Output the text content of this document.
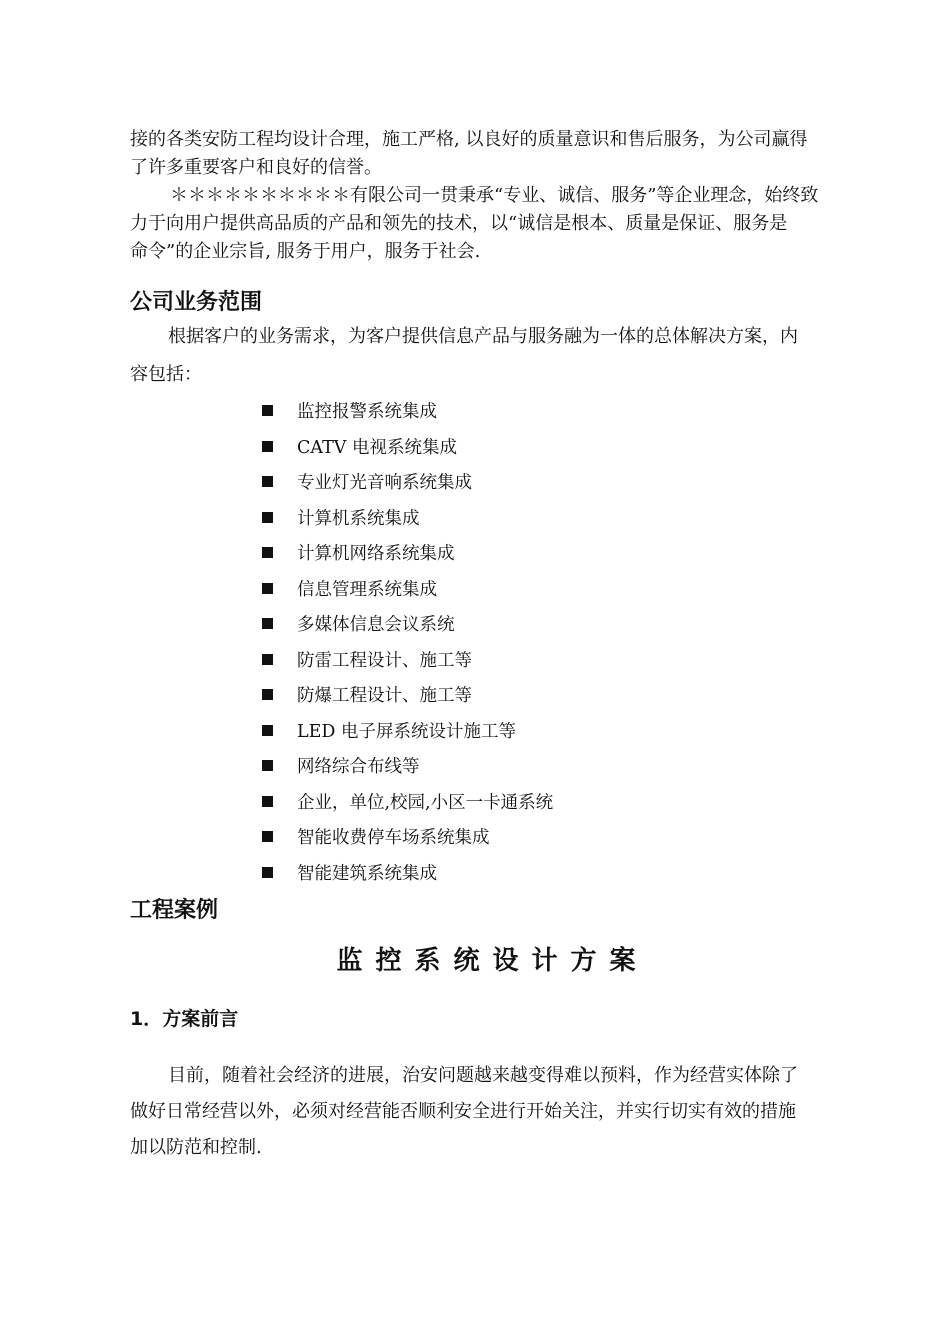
接的各类安防工程均设计合理，施工严格, 以良好的质量意识和售后服务，为公司赢得
了许多重要客户和良好的信誉。
＊＊＊＊＊＊＊＊＊＊有限公司一贯秉承“专业、诚信、服务”等企业理念，始终致
力于向用户提供高品质的产品和领先的技术，以“诚信是根本、质量是保证、服务是
命令”的企业宗旨, 服务于用户，服务于社会.
公司业务范围
根据客户的业务需求，为客户提供信息产品与服务融为一体的总体解决方案，内
容包括：
监控报警系统集成
CATV 电视系统集成
专业灯光音响系统集成
计算机系统集成
计算机网络系统集成
信息管理系统集成
多媒体信息会议系统
防雷工程设计、施工等
防爆工程设计、施工等
LED 电子屏系统设计施工等
网络综合布线等
企业，单位,校园,小区一卡通系统
智能收费停车场系统集成
智能建筑系统集成
工程案例
监控系统设计方案
1．方案前言
目前，随着社会经济的进展，治安问题越来越变得难以预料，作为经营实体除了
做好日常经营以外，必须对经营能否顺利安全进行开始关注，并实行切实有效的措施
加以防范和控制.
